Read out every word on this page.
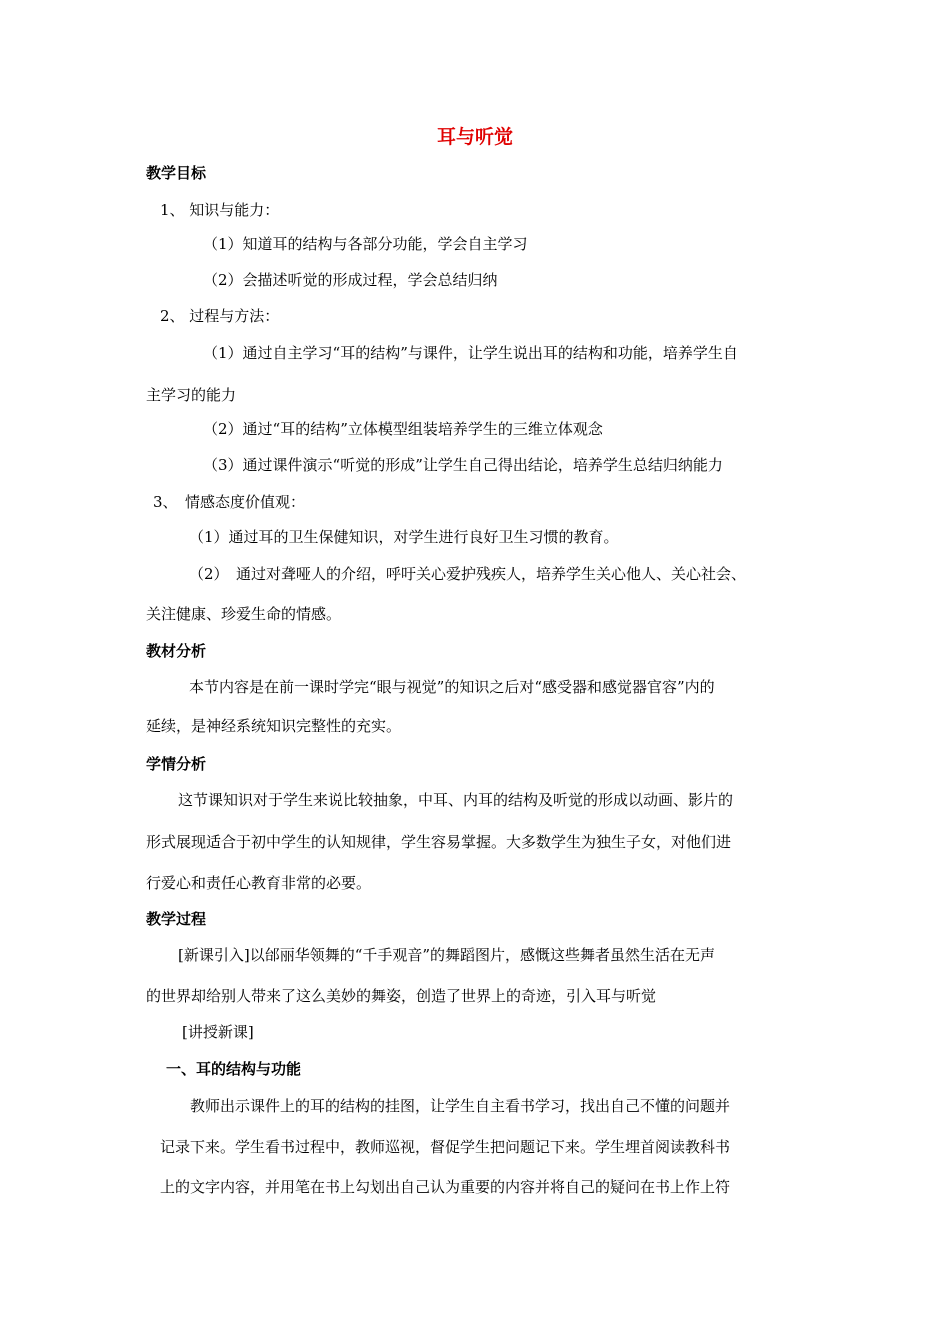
耳与听觉
教学目标
1、 知识与能力：
（1）知道耳的结构与各部分功能，学会自主学习
（2）会描述听觉的形成过程，学会总结归纳
2、 过程与方法：
（1）通过自主学习“耳的结构”与课件，让学生说出耳的结构和功能，培养学生自
主学习的能力
（2）通过“耳的结构”立体模型组装培养学生的三维立体观念
（3）通过课件演示“听觉的形成”让学生自己得出结论，培养学生总结归纳能力
3、　情感态度价值观：
（1）通过耳的卫生保健知识，对学生进行良好卫生习惯的教育。
（2）　通过对聋哑人的介绍，呼吁关心爱护残疾人，培养学生关心他人、关心社会、
关注健康、珍爱生命的情感。
教材分析
本节内容是在前一课时学完“眼与视觉”的知识之后对“感受器和感觉器官容”内的
延续，是神经系统知识完整性的充实。
学情分析
这节课知识对于学生来说比较抽象，中耳、内耳的结构及听觉的形成以动画、影片的
形式展现适合于初中学生的认知规律，学生容易掌握。大多数学生为独生子女，对他们进
行爱心和责任心教育非常的必要。
教学过程
[新课引入]以邰丽华领舞的“千手观音”的舞蹈图片，感慨这些舞者虽然生活在无声
的世界却给别人带来了这么美妙的舞姿，创造了世界上的奇迹，引入耳与听觉
[讲授新课]
一、耳的结构与功能
教师出示课件上的耳的结构的挂图，让学生自主看书学习，找出自己不懂的问题并
记录下来。学生看书过程中，教师巡视，督促学生把问题记下来。学生埋首阅读教科书
上的文字内容，并用笔在书上勾划出自己认为重要的内容并将自己的疑问在书上作上符
